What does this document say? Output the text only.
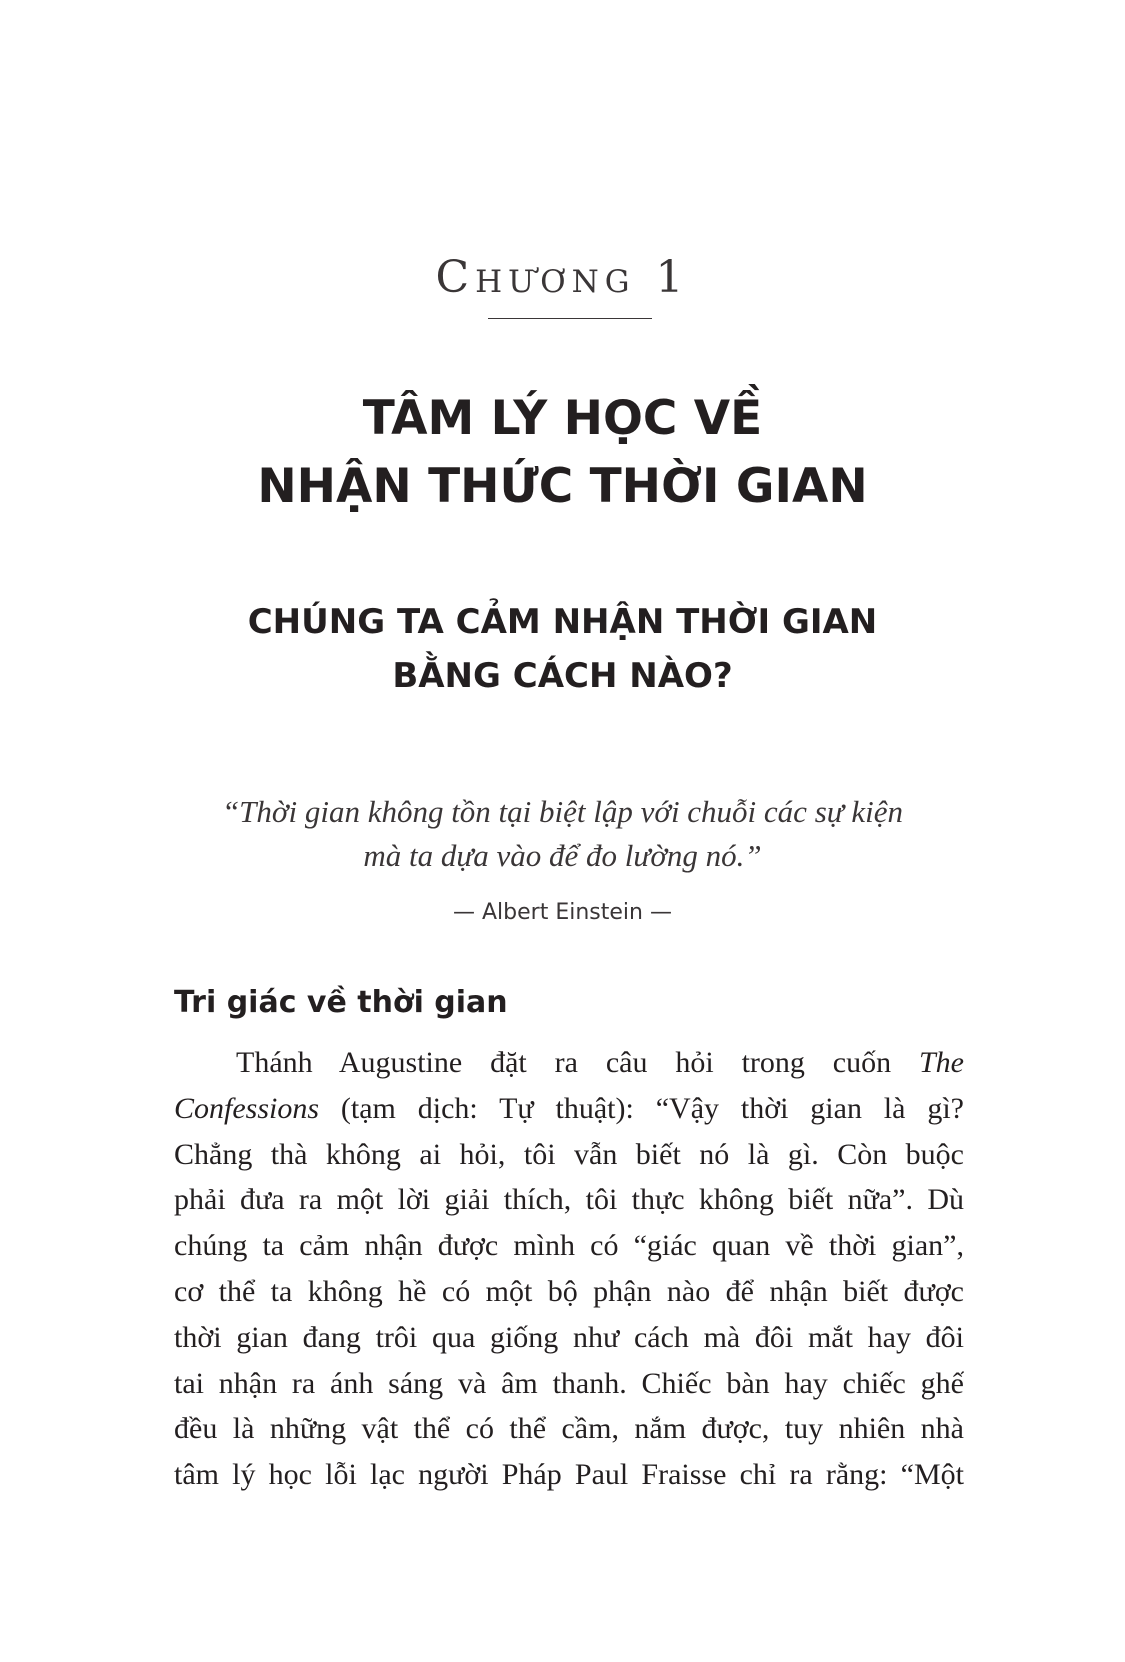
Chương 1
TÂM LÝ HỌC VỀ
NHẬN THỨC THỜI GIAN
CHÚNG TA CẢM NHẬN THỜI GIAN
BẰNG CÁCH NÀO?
“Thời gian không tồn tại biệt lập với chuỗi các sự kiện
mà ta dựa vào để đo lường nó.”
— Albert Einstein —
Tri giác về thời gian
Thánh Augustine đặt ra câu hỏi trong cuốn The
Confessions (tạm dịch: Tự thuật): “Vậy thời gian là gì?
Chẳng thà không ai hỏi, tôi vẫn biết nó là gì. Còn buộc
phải đưa ra một lời giải thích, tôi thực không biết nữa”. Dù
chúng ta cảm nhận được mình có “giác quan về thời gian”,
cơ thể ta không hề có một bộ phận nào để nhận biết được
thời gian đang trôi qua giống như cách mà đôi mắt hay đôi
tai nhận ra ánh sáng và âm thanh. Chiếc bàn hay chiếc ghế
đều là những vật thể có thể cầm, nắm được, tuy nhiên nhà
tâm lý học lỗi lạc người Pháp Paul Fraisse chỉ ra rằng: “Một
